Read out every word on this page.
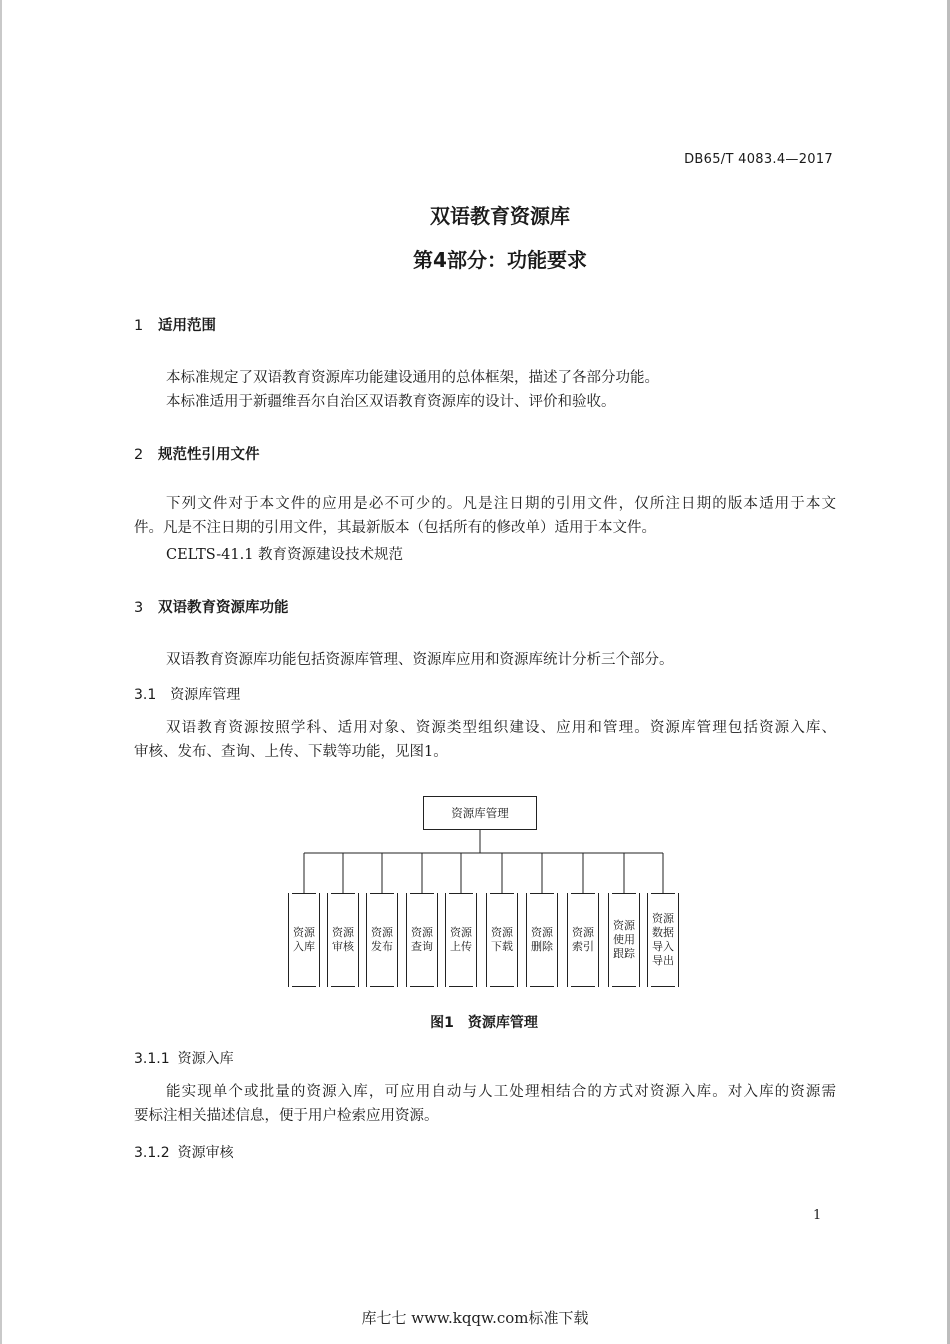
DB65/T 4083.4—2017
双语教育资源库
第4部分：功能要求
1 适用范围
本标准规定了双语教育资源库功能建设通用的总体框架，描述了各部分功能。
本标准适用于新疆维吾尔自治区双语教育资源库的设计、评价和验收。
2 规范性引用文件
下列文件对于本文件的应用是必不可少的。凡是注日期的引用文件，仅所注日期的版本适用于本文
件。凡是不注日期的引用文件，其最新版本（包括所有的修改单）适用于本文件。
CELTS-41.1 教育资源建设技术规范
3 双语教育资源库功能
双语教育资源库功能包括资源库管理、资源库应用和资源库统计分析三个部分。
3.1 资源库管理
双语教育资源按照学科、适用对象、资源类型组织建设、应用和管理。资源库管理包括资源入库、
审核、发布、查询、上传、下载等功能，见图1。
资源库管理
资源入库
资源审核
资源发布
资源查询
资源上传
资源下载
资源删除
资源索引
资源使用跟踪
资源数据导入导出
图1 资源库管理
3.1.1 资源入库
能实现单个或批量的资源入库，可应用自动与人工处理相结合的方式对资源入库。对入库的资源需
要标注相关描述信息，便于用户检索应用资源。
3.1.2 资源审核
1
库七七 www.kqqw.com标准下载
